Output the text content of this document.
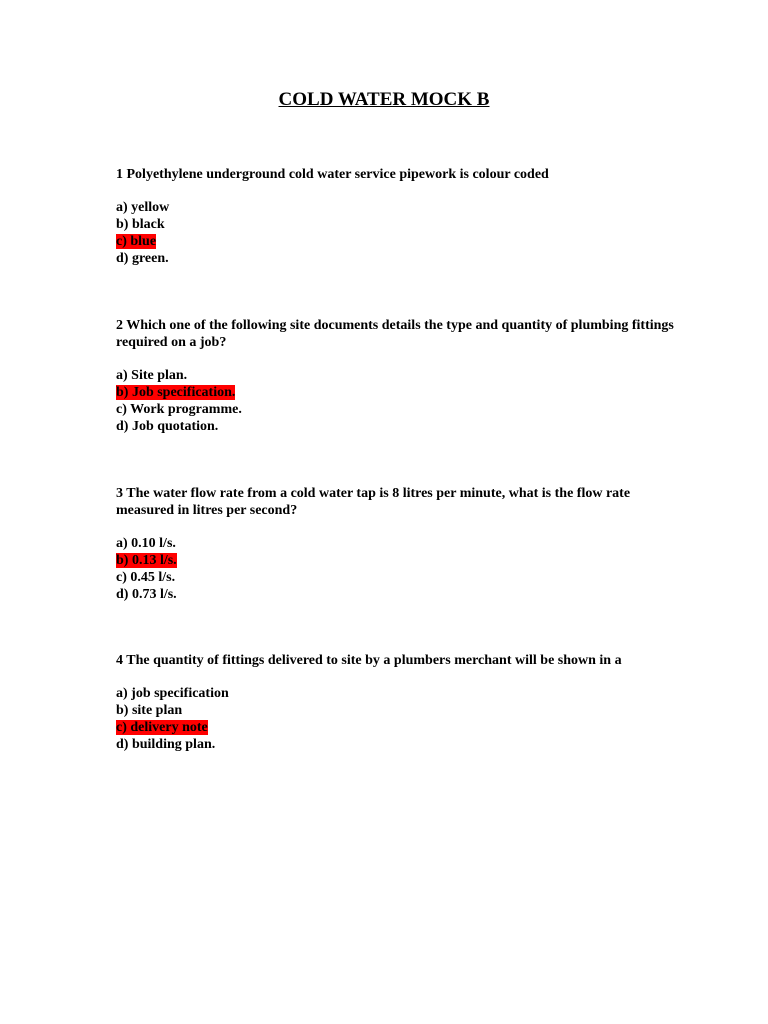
COLD WATER MOCK B

1 Polyethylene underground cold water service pipework is colour coded

a) yellow
b) black
c) blue
d) green.

2 Which one of the following site documents details the type and quantity of plumbing fittings required on a job?

a) Site plan.
b) Job specification.
c) Work programme.
d) Job quotation.

3 The water flow rate from a cold water tap is 8 litres per minute, what is the flow rate measured in litres per second?

a) 0.10 l/s.
b) 0.13 l/s.
c) 0.45 l/s.
d) 0.73 l/s.

4 The quantity of fittings delivered to site by a plumbers merchant will be shown in a

a) job specification
b) site plan
c) delivery note
d) building plan.
